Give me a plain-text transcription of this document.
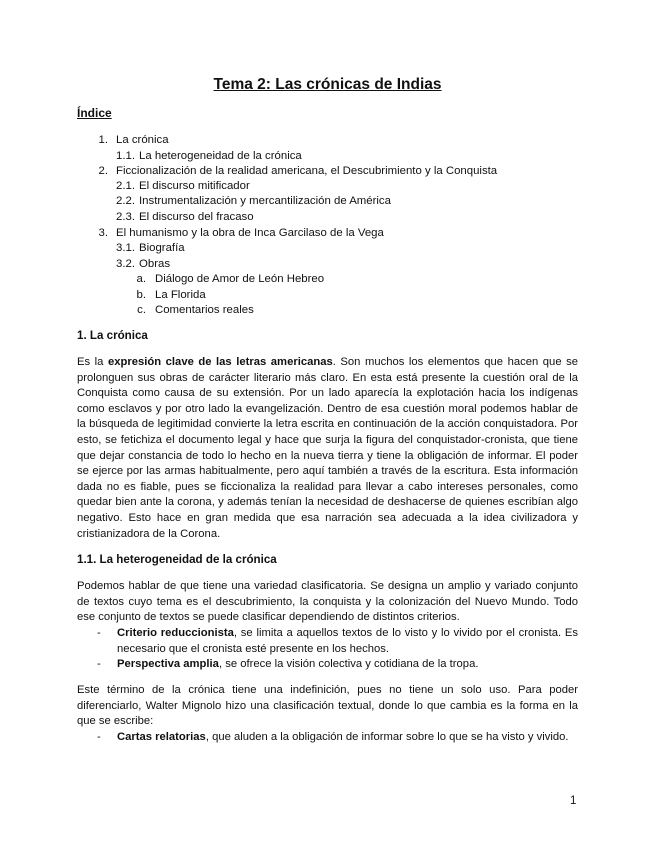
Tema 2: Las crónicas de Indias
Índice
1. La crónica
1.1. La heterogeneidad de la crónica
2. Ficcionalización de la realidad americana, el Descubrimiento y la Conquista
2.1. El discurso mitificador
2.2. Instrumentalización y mercantilización de América
2.3. El discurso del fracaso
3. El humanismo y la obra de Inca Garcilaso de la Vega
3.1. Biografía
3.2. Obras
a. Diálogo de Amor de León Hebreo
b. La Florida
c. Comentarios reales
1. La crónica

Es la expresión clave de las letras americanas. Son muchos los elementos que hacen que se prolonguen sus obras de carácter literario más claro. En esta está presente la cuestión oral de la Conquista como causa de su extensión. Por un lado aparecía la explotación hacia los indígenas como esclavos y por otro lado la evangelización. Dentro de esa cuestión moral podemos hablar de la búsqueda de legitimidad convierte la letra escrita en continuación de la acción conquistadora. Por esto, se fetichiza el documento legal y hace que surja la figura del conquistador-cronista, que tiene que dejar constancia de todo lo hecho en la nueva tierra y tiene la obligación de informar. El poder se ejerce por las armas habitualmente, pero aquí también a través de la escritura. Esta información dada no es fiable, pues se ficcionaliza la realidad para llevar a cabo intereses personales, como quedar bien ante la corona, y además tenían la necesidad de deshacerse de quienes escribían algo negativo. Esto hace en gran medida que esa narración sea adecuada a la idea civilizadora y cristianizadora de la Corona.

1.1. La heterogeneidad de la crónica

Podemos hablar de que tiene una variedad clasificatoria. Se designa un amplio y variado conjunto de textos cuyo tema es el descubrimiento, la conquista y la colonización del Nuevo Mundo. Todo ese conjunto de textos se puede clasificar dependiendo de distintos criterios.

- Criterio reduccionista, se limita a aquellos textos de lo visto y lo vivido por el cronista. Es necesario que el cronista esté presente en los hechos.
- Perspectiva amplia, se ofrece la visión colectiva y cotidiana de la tropa.

Este término de la crónica tiene una indefinición, pues no tiene un solo uso. Para poder diferenciarlo, Walter Mignolo hizo una clasificación textual, donde lo que cambia es la forma en la que se escribe:

- Cartas relatorias, que aluden a la obligación de informar sobre lo que se ha visto y vivido.
1
